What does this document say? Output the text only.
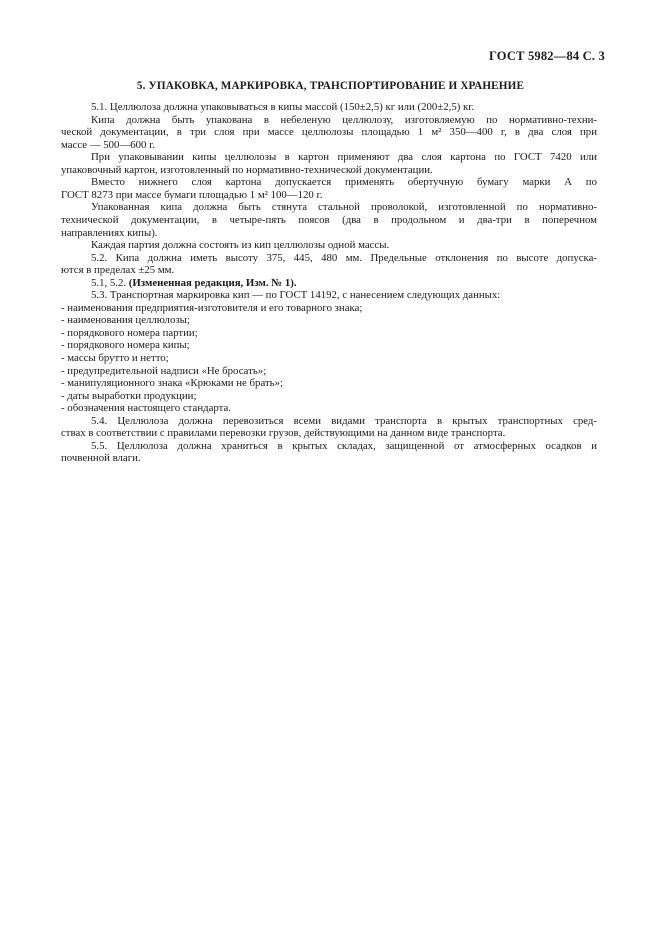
ГОСТ 5982—84 С. 3
5. УПАКОВКА, МАРКИРОВКА, ТРАНСПОРТИРОВАНИЕ И ХРАНЕНИЕ
5.1. Целлюлоза должна упаковываться в кипы массой (150±2,5) кг или (200±2,5) кг.
Кипа должна быть упакована в небеленую целлюлозу, изготовляемую по нормативно-техни-
ческой документации, в три слоя при массе целлюлозы площадью 1 м² 350—400 г, в два слоя при
массе — 500—600 г.
При упаковывании кипы целлюлозы в картон применяют два слоя картона по ГОСТ 7420 или
упаковочный картон, изготовленный по нормативно-технической документации.
Вместо нижнего слоя картона допускается применять обертучную бумагу марки А по
ГОСТ 8273 при массе бумаги площадью 1 м² 100—120 г.
Упакованная кипа должна быть стянута стальной проволокой, изготовленной по нормативно-
технической документации, в четыре-пять поясов (два в продольном и два-три в поперечном
направлениях кипы).
Каждая партия должна состоять из кип целлюлозы одной массы.
5.2. Кипа должна иметь высоту 375, 445, 480 мм. Предельные отклонения по высоте допуска-
ются в пределах ±25 мм.
5.1, 5.2. (Измененная редакция, Изм. № 1).
5.3. Транспортная маркировка кип — по ГОСТ 14192, с нанесением следующих данных:
- наименования предприятия-изготовителя и его товарного знака;
- наименования целлюлозы;
- порядкового номера партии;
- порядкового номера кипы;
- массы брутто и нетто;
- предупредительной надписи «Не бросать»;
- манипуляционного знака «Крюками не брать»;
- даты выработки продукции;
- обозначения настоящего стандарта.
5.4. Целлюлоза должна перевозиться всеми видами транспорта в крытых транспортных сред-
ствах в соответствии с правилами перевозки грузов, действующими на данном виде транспорта.
5.5. Целлюлоза должна храниться в крытых складах, защищенной от атмосферных осадков и
почвенной влаги.
